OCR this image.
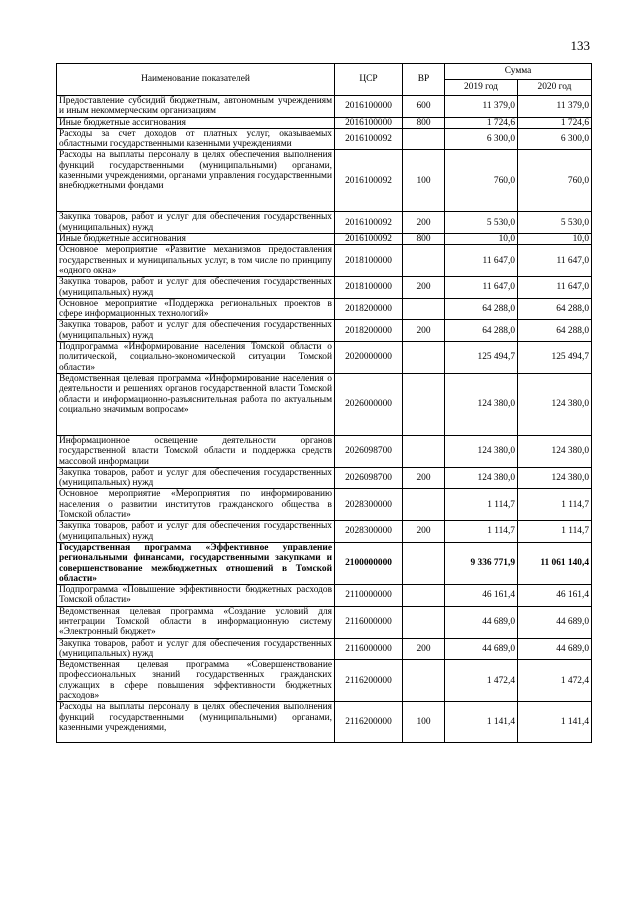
133
Наименование показателей	ЦСР	ВР	Сумма	
			2019 год	2020 год
Предоставление субсидий бюджетным, автономным учреждениям и иным некоммерческим организациям	2016100000	600	11 379,0	11 379,0
Иные бюджетные ассигнования	2016100000	800	1 724,6	1 724,6
Расходы за счет доходов от платных услуг, оказываемых областными государственными казенными учреждениями	2016100092		6 300,0	6 300,0
Расходы на выплаты персоналу в целях обеспечения выполнения функций государственными (муниципальными) органами, казенными учреждениями, органами управления государственными внебюджетными фондами	2016100092	100	760,0	760,0
Закупка товаров, работ и услуг для обеспечения государственных (муниципальных) нужд	2016100092	200	5 530,0	5 530,0
Иные бюджетные ассигнования	2016100092	800	10,0	10,0
Основное мероприятие «Развитие механизмов предоставления государственных и муниципальных услуг, в том числе по принципу «одного окна»	2018100000		11 647,0	11 647,0
Закупка товаров, работ и услуг для обеспечения государственных (муниципальных) нужд	2018100000	200	11 647,0	11 647,0
Основное мероприятие «Поддержка региональных проектов в сфере информационных технологий»	2018200000		64 288,0	64 288,0
Закупка товаров, работ и услуг для обеспечения государственных (муниципальных) нужд	2018200000	200	64 288,0	64 288,0
Подпрограмма «Информирование населения Томской области о политической, социально-экономической ситуации Томской области»	2020000000		125 494,7	125 494,7
Ведомственная целевая программа «Информирование населения о деятельности и решениях органов государственной власти Томской области и информационно-разъяснительная работа по актуальным социально значимым вопросам»	2026000000		124 380,0	124 380,0
Информационное освещение деятельности органов государственной власти Томской области и поддержка средств массовой информации	2026098700		124 380,0	124 380,0
Закупка товаров, работ и услуг для обеспечения государственных (муниципальных) нужд	2026098700	200	124 380,0	124 380,0
Основное мероприятие «Мероприятия по информированию населения о развитии институтов гражданского общества в Томской области»	2028300000		1 114,7	1 114,7
Закупка товаров, работ и услуг для обеспечения государственных (муниципальных) нужд	2028300000	200	1 114,7	1 114,7
Государственная программа «Эффективное управление региональными финансами, государственными закупками и совершенствование межбюджетных отношений в Томской области»	2100000000		9 336 771,9	11 061 140,4
Подпрограмма «Повышение эффективности бюджетных расходов Томской области»	2110000000		46 161,4	46 161,4
Ведомственная целевая программа «Создание условий для интеграции Томской области в информационную систему «Электронный бюджет»	2116000000		44 689,0	44 689,0
Закупка товаров, работ и услуг для обеспечения государственных (муниципальных) нужд	2116000000	200	44 689,0	44 689,0
Ведомственная целевая программа «Совершенствование профессиональных знаний государственных гражданских служащих в сфере повышения эффективности бюджетных расходов»	2116200000		1 472,4	1 472,4
Расходы на выплаты персоналу в целях обеспечения выполнения функций государственными (муниципальными) органами, казенными учреждениями,	2116200000	100	1 141,4	1 141,4
